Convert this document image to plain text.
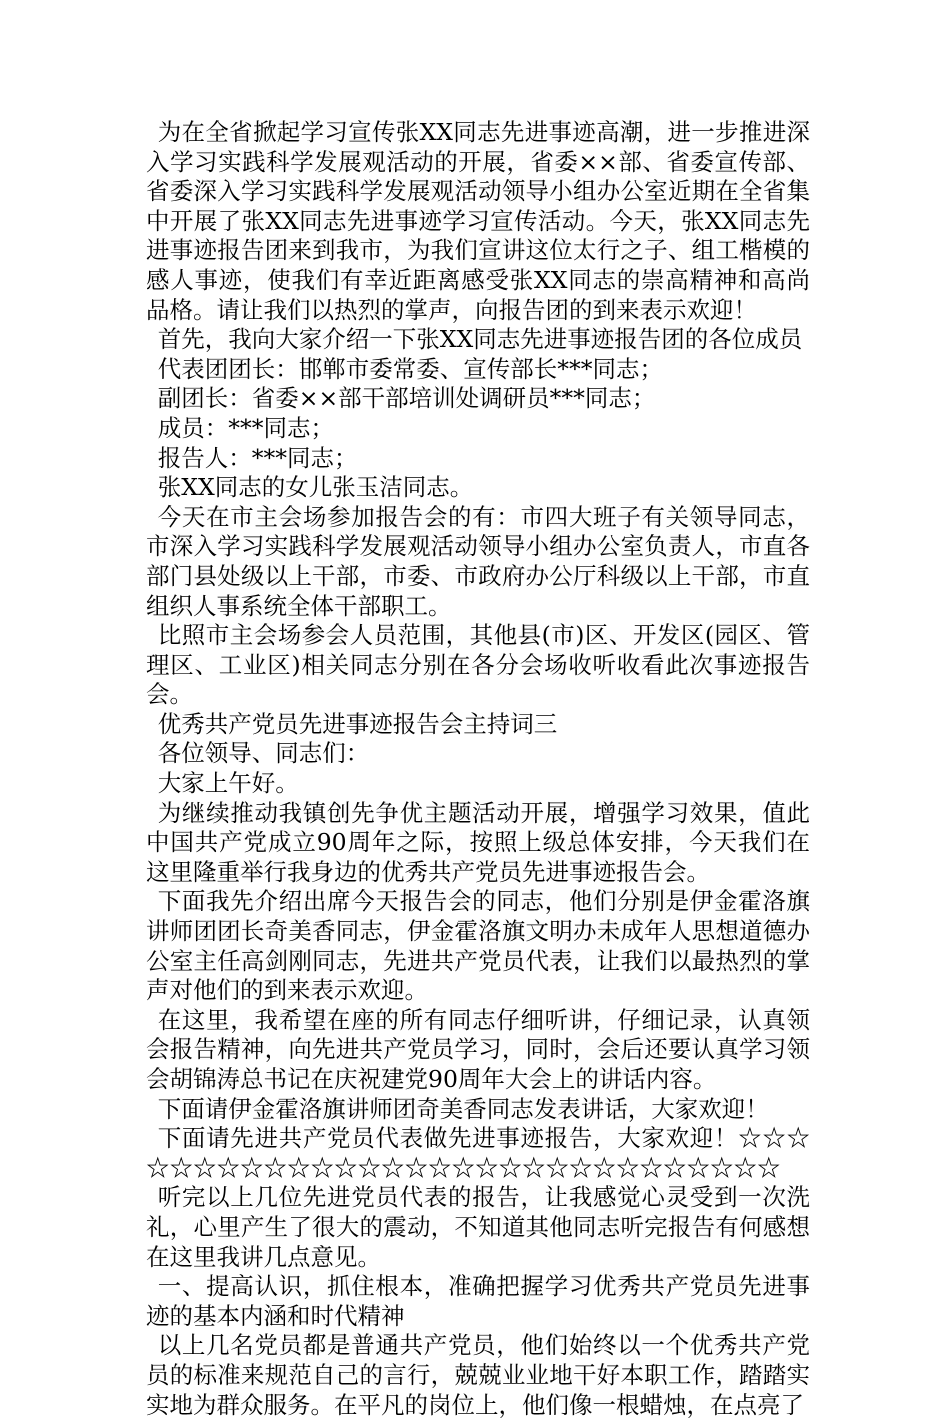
为在全省掀起学习宣传张XX同志先进事迹高潮，进一步推进深入学习实践科学发展观活动的开展，省委××部、省委宣传部、省委深入学习实践科学发展观活动领导小组办公室近期在全省集中开展了张XX同志先进事迹学习宣传活动。今天，张XX同志先进事迹报告团来到我市，为我们宣讲这位太行之子、组工楷模的感人事迹，使我们有幸近距离感受张XX同志的崇高精神和高尚品格。请让我们以热烈的掌声，向报告团的到来表示欢迎！

首先，我向大家介绍一下张XX同志先进事迹报告团的各位成员

代表团团长：邯郸市委常委、宣传部长***同志；

副团长：省委××部干部培训处调研员***同志；

成员：***同志；

报告人：***同志；

张XX同志的女儿张玉洁同志。

今天在市主会场参加报告会的有：市四大班子有关领导同志，市深入学习实践科学发展观活动领导小组办公室负责人，市直各部门县处级以上干部，市委、市政府办公厅科级以上干部，市直组织人事系统全体干部职工。

比照市主会场参会人员范围，其他县(市)区、开发区(园区、管理区、工业区)相关同志分别在各分会场收听收看此次事迹报告会。

优秀共产党员先进事迹报告会主持词三

各位领导、同志们：

大家上午好。

为继续推动我镇创先争优主题活动开展，增强学习效果，值此中国共产党成立90周年之际，按照上级总体安排，今天我们在这里隆重举行我身边的优秀共产党员先进事迹报告会。

下面我先介绍出席今天报告会的同志，他们分别是伊金霍洛旗讲师团团长奇美香同志，伊金霍洛旗文明办未成年人思想道德办公室主任高剑刚同志，先进共产党员代表，让我们以最热烈的掌声对他们的到来表示欢迎。

在这里，我希望在座的所有同志仔细听讲，仔细记录，认真领会报告精神，向先进共产党员学习，同时，会后还要认真学习领会胡锦涛总书记在庆祝建党90周年大会上的讲话内容。

下面请伊金霍洛旗讲师团奇美香同志发表讲话，大家欢迎！

下面请先进共产党员代表做先进事迹报告，大家欢迎！☆☆☆☆☆☆☆☆☆☆☆☆☆☆☆☆☆☆☆☆☆☆☆☆☆☆☆☆☆☆

听完以上几位先进党员代表的报告，让我感觉心灵受到一次洗礼，心里产生了很大的震动，不知道其他同志听完报告有何感想在这里我讲几点意见。

一、提高认识，抓住根本，准确把握学习优秀共产党员先进事迹的基本内涵和时代精神

以上几名党员都是普通共产党员，他们始终以一个优秀共产党员的标准来规范自己的言行，兢兢业业地干好本职工作，踏踏实实地为群众服务。在平凡的岗位上，他们像一根蜡烛，在点亮了
